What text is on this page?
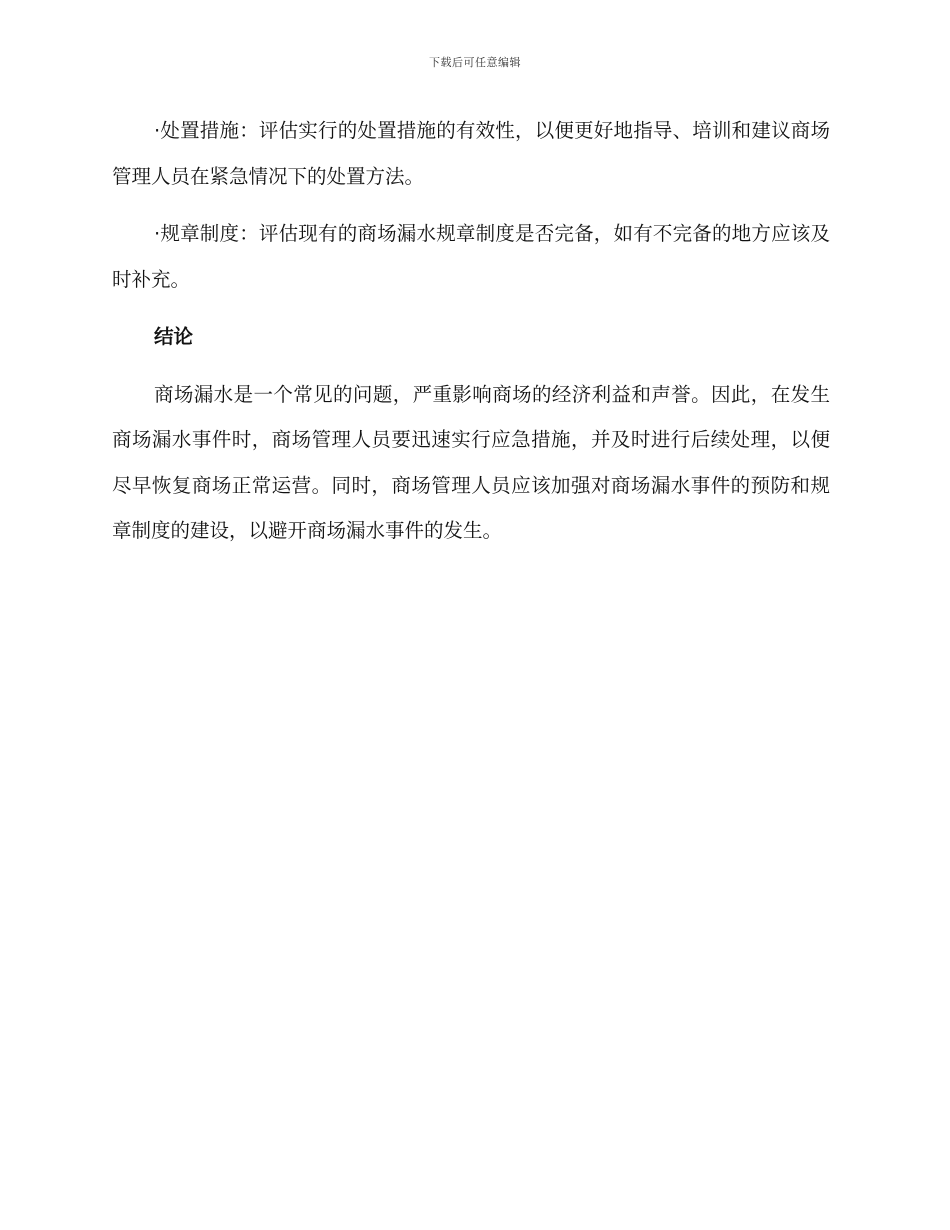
下载后可任意编辑

·处置措施：评估实行的处置措施的有效性，以便更好地指导、培训和建议商场管理人员在紧急情况下的处置方法。

·规章制度：评估现有的商场漏水规章制度是否完备，如有不完备的地方应该及时补充。

结论

商场漏水是一个常见的问题，严重影响商场的经济利益和声誉。因此，在发生商场漏水事件时，商场管理人员要迅速实行应急措施，并及时进行后续处理，以便尽早恢复商场正常运营。同时，商场管理人员应该加强对商场漏水事件的预防和规章制度的建设，以避开商场漏水事件的发生。
